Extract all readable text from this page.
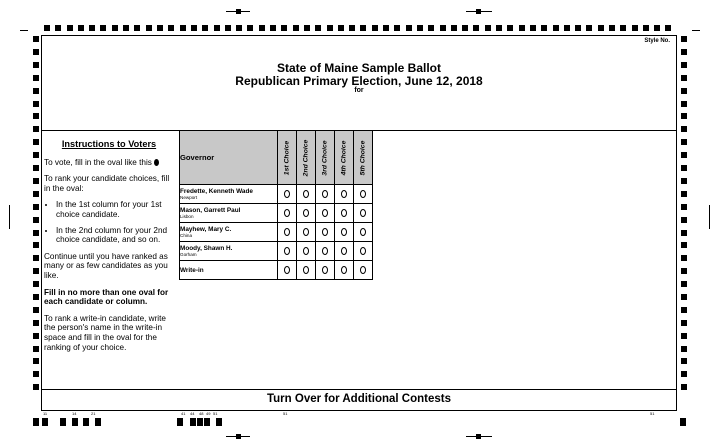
Style No.
State of Maine Sample Ballot
Republican Primary Election, June 12, 2018
for
Instructions to Voters

To vote, fill in the oval like this

To rank your candidate choices, fill in the oval:

• In the 1st column for your 1st choice candidate.
• In the 2nd column for your 2nd choice candidate, and so on.

Continue until you have ranked as many or as few candidates as you like.

Fill in no more than one oval for each candidate or column.

To rank a write-in candidate, write the person's name in the write-in space and fill in the oval for the ranking of your choice.

Governor	1st Choice	2nd Choice	3rd Choice	4th Choice	5th Choice

Fredette, Kenneth Wade
Newport					

Mason, Garrett Paul
Lisbon					

Mayhew, Mary C.
China					

Moody, Shawn H.
Gorham					

Write-in					
Turn Over for Additional Contests
11	14	21	41 44 48 49 51	51	51
